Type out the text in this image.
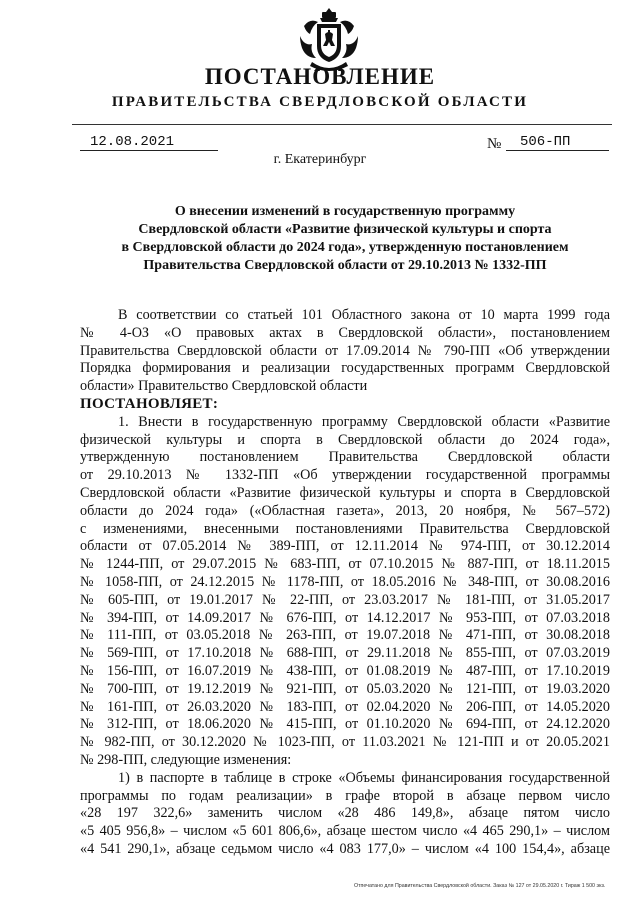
ПОСТАНОВЛЕНИЕ
ПРАВИТЕЛЬСТВА СВЕРДЛОВСКОЙ ОБЛАСТИ
12.08.2021	№	506-ПП
г. Екатеринбург
О внесении изменений в государственную программу
Свердловской области «Развитие физической культуры и спорта
в Свердловской области до 2024 года», утвержденную постановлением
Правительства Свердловской области от 29.10.2013 № 1332-ПП
В соответствии со статьей 101 Областного закона от 10 марта 1999 года
№ 4-ОЗ «О правовых актах в Свердловской области», постановлением
Правительства Свердловской области от 17.09.2014 № 790-ПП «Об утверждении
Порядка формирования и реализации государственных программ Свердловской
области» Правительство Свердловской области
ПОСТАНОВЛЯЕТ:
1. Внести в государственную программу Свердловской области «Развитие
физической культуры и спорта в Свердловской области до 2024 года»,
утвержденную постановлением Правительства Свердловской области
от 29.10.2013 № 1332-ПП «Об утверждении государственной программы
Свердловской области «Развитие физической культуры и спорта в Свердловской
области до 2024 года» («Областная газета», 2013, 20 ноября, № 567–572)
с изменениями, внесенными постановлениями Правительства Свердловской
области от 07.05.2014 № 389-ПП, от 12.11.2014 № 974-ПП, от 30.12.2014
№ 1244-ПП, от 29.07.2015 № 683-ПП, от 07.10.2015 № 887-ПП, от 18.11.2015
№ 1058-ПП, от 24.12.2015 № 1178-ПП, от 18.05.2016 № 348-ПП, от 30.08.2016
№ 605-ПП, от 19.01.2017 № 22-ПП, от 23.03.2017 № 181-ПП, от 31.05.2017
№ 394-ПП, от 14.09.2017 № 676-ПП, от 14.12.2017 № 953-ПП, от 07.03.2018
№ 111-ПП, от 03.05.2018 № 263-ПП, от 19.07.2018 № 471-ПП, от 30.08.2018
№ 569-ПП, от 17.10.2018 № 688-ПП, от 29.11.2018 № 855-ПП, от 07.03.2019
№ 156-ПП, от 16.07.2019 № 438-ПП, от 01.08.2019 № 487-ПП, от 17.10.2019
№ 700-ПП, от 19.12.2019 № 921-ПП, от 05.03.2020 № 121-ПП, от 19.03.2020
№ 161-ПП, от 26.03.2020 № 183-ПП, от 02.04.2020 № 206-ПП, от 14.05.2020
№ 312-ПП, от 18.06.2020 № 415-ПП, от 01.10.2020 № 694-ПП, от 24.12.2020
№ 982-ПП, от 30.12.2020 № 1023-ПП, от 11.03.2021 № 121-ПП и от 20.05.2021
№ 298-ПП, следующие изменения:
1) в паспорте в таблице в строке «Объемы финансирования государственной
программы по годам реализации» в графе второй в абзаце первом число
«28 197 322,6» заменить числом «28 486 149,8», абзаце пятом число
«5 405 956,8» – числом «5 601 806,6», абзаце шестом число «4 465 290,1» – числом
«4 541 290,1», абзаце седьмом число «4 083 177,0» – числом «4 100 154,4», абзаце
Отпечатано для Правительства Свердловской области. Заказ № 127 от 29.05.2020 г. Тираж 1 500 экз.
